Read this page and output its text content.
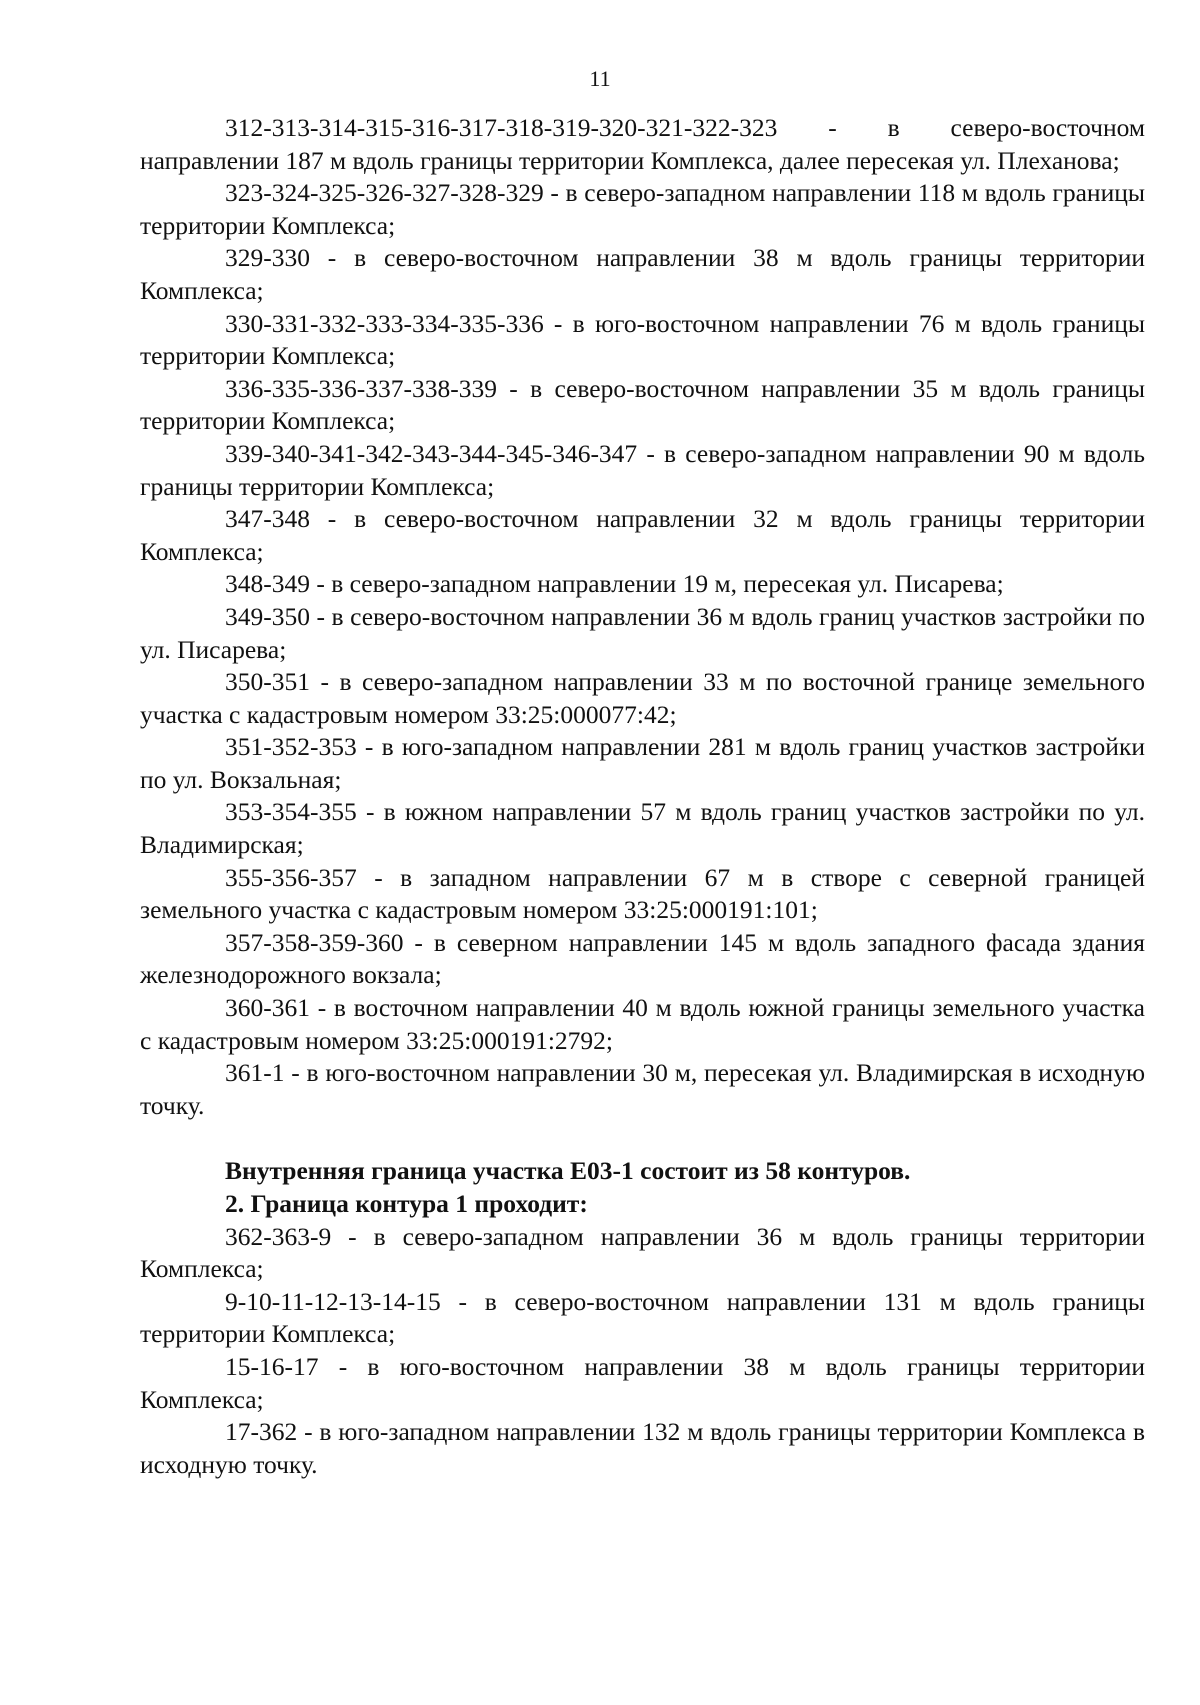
11

312-313-314-315-316-317-318-319-320-321-322-323 - в северо-восточном направлении 187 м вдоль границы территории Комплекса, далее пересекая ул. Плеханова;

323-324-325-326-327-328-329 - в северо-западном направлении 118 м вдоль границы территории Комплекса;

329-330 - в северо-восточном направлении 38 м вдоль границы территории Комплекса;

330-331-332-333-334-335-336 - в юго-восточном направлении 76 м вдоль границы территории Комплекса;

336-335-336-337-338-339 - в северо-восточном направлении 35 м вдоль границы территории Комплекса;

339-340-341-342-343-344-345-346-347 - в северо-западном направлении 90 м вдоль границы территории Комплекса;

347-348 - в северо-восточном направлении 32 м вдоль границы территории Комплекса;

348-349 - в северо-западном направлении 19 м, пересекая ул. Писарева;

349-350 - в северо-восточном направлении 36 м вдоль границ участков застройки по ул. Писарева;

350-351 - в северо-западном направлении 33 м по восточной границе земельного участка с кадастровым номером 33:25:000077:42;

351-352-353 - в юго-западном направлении 281 м вдоль границ участков застройки по ул. Вокзальная;

353-354-355 - в южном направлении 57 м вдоль границ участков застройки по ул. Владимирская;

355-356-357 - в западном направлении 67 м в створе с северной границей земельного участка с кадастровым номером 33:25:000191:101;

357-358-359-360 - в северном направлении 145 м вдоль западного фасада здания железнодорожного вокзала;

360-361 - в восточном направлении 40 м вдоль южной границы земельного участка с кадастровым номером 33:25:000191:2792;

361-1 - в юго-восточном направлении 30 м, пересекая ул. Владимирская в исходную точку.

Внутренняя граница участка Е03-1 состоит из 58 контуров.

2. Граница контура 1 проходит:

362-363-9 - в северо-западном направлении 36 м вдоль границы территории Комплекса;

9-10-11-12-13-14-15 - в северо-восточном направлении 131 м вдоль границы территории Комплекса;

15-16-17 - в юго-восточном направлении 38 м вдоль границы территории Комплекса;

17-362 - в юго-западном направлении 132 м вдоль границы территории Комплекса в исходную точку.
